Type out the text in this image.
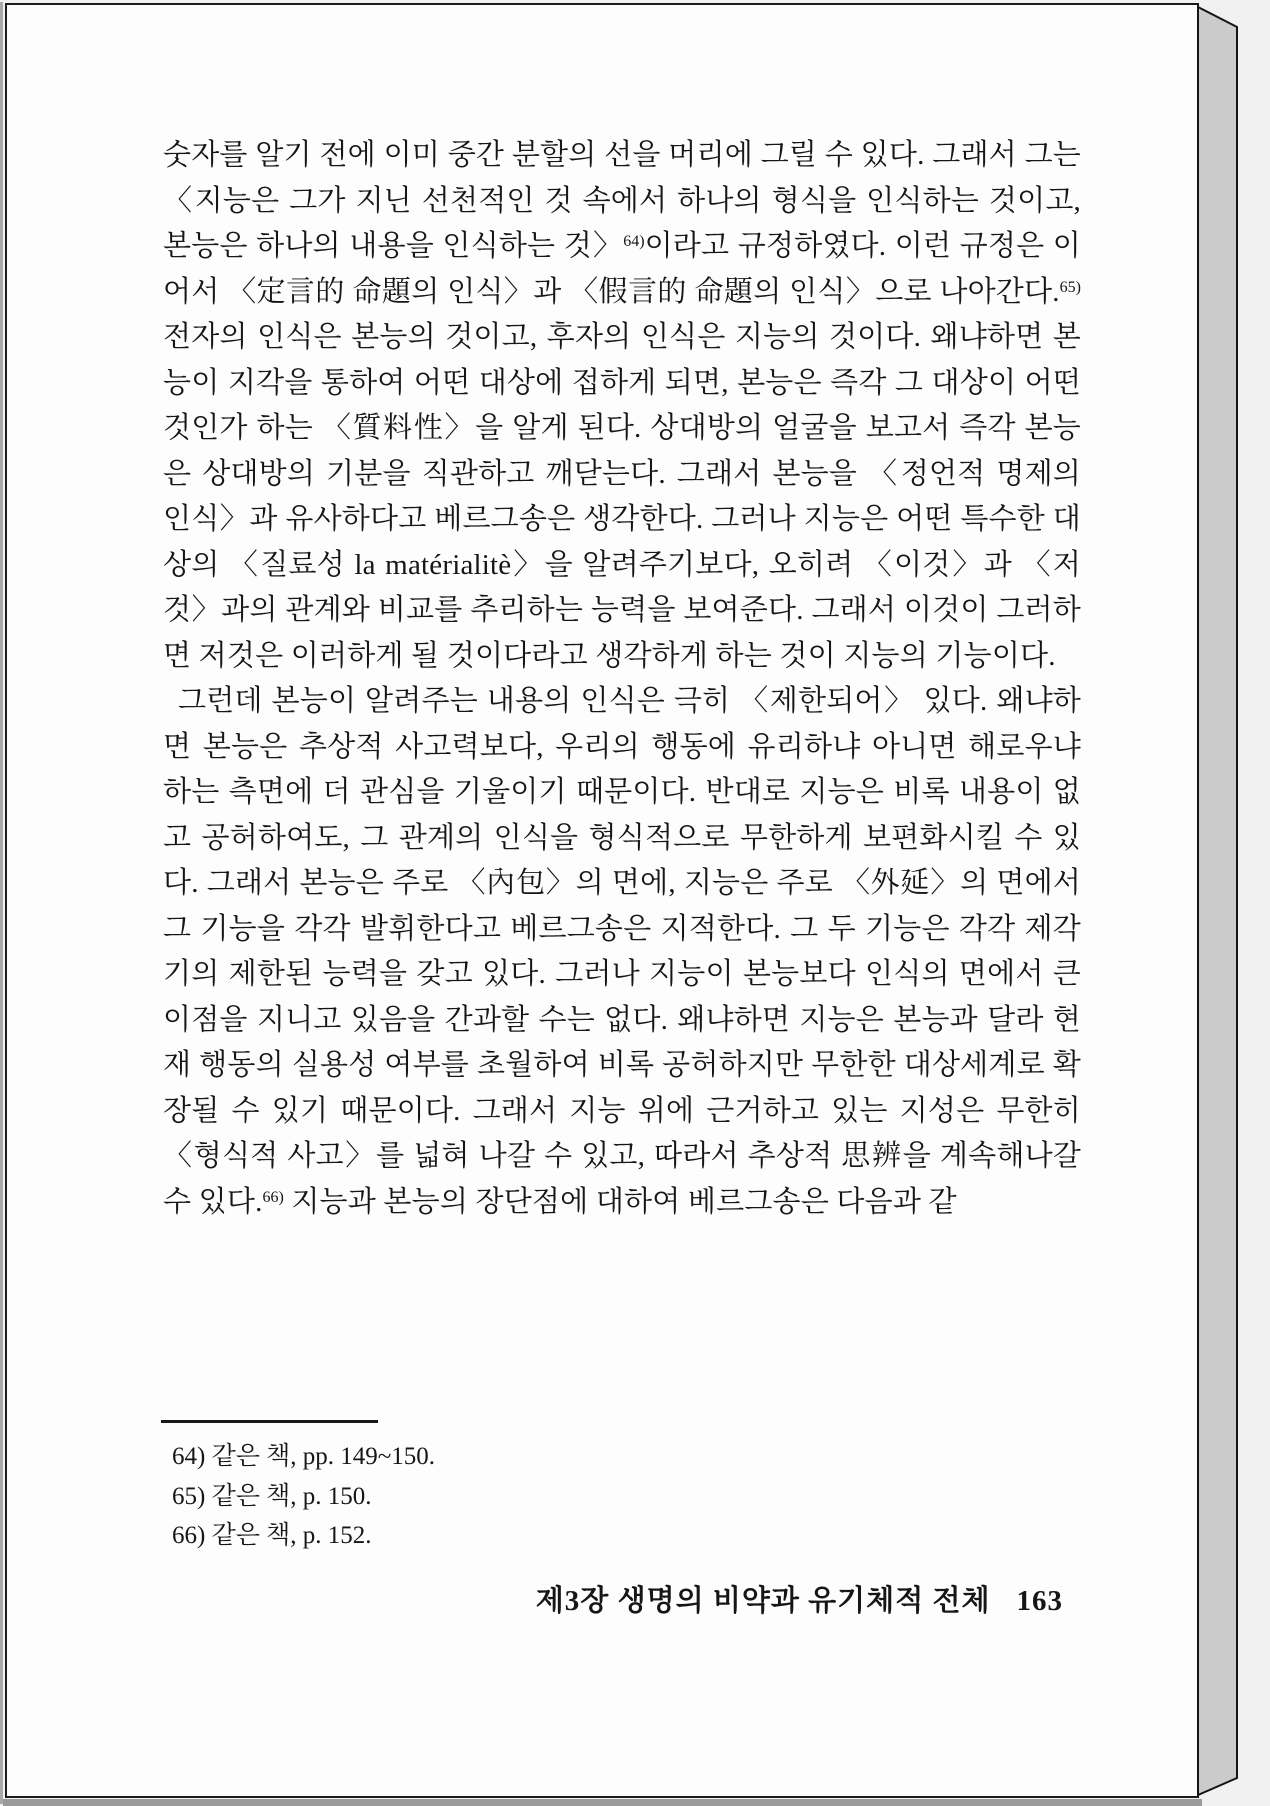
숫자를 알기 전에 이미 중간 분할의 선을 머리에 그릴 수 있다. 그래서 그는 〈지능은 그가 지닌 선천적인 것 속에서 하나의 형식을 인식하는 것이고, 본능은 하나의 내용을 인식하는 것〉$^{64)}$이라고 규정하였다. 이런 규정은 이어서 〈定言的 命題의 인식〉과 〈假言的 命題의 인식〉으로 나아간다.$^{65)}$ 전자의 인식은 본능의 것이고, 후자의 인식은 지능의 것이다. 왜냐하면 본능이 지각을 통하여 어떤 대상에 접하게 되면, 본능은 즉각 그 대상이 어떤 것인가 하는 〈質料性〉을 알게 된다. 상대방의 얼굴을 보고서 즉각 본능은 상대방의 기분을 직관하고 깨닫는다. 그래서 본능을 〈정언적 명제의 인식〉과 유사하다고 베르그송은 생각한다. 그러나 지능은 어떤 특수한 대상의 〈질료성 la matérialitè〉을 알려주기보다, 오히려 〈이것〉과 〈저것〉과의 관계와 비교를 추리하는 능력을 보여준다. 그래서 이것이 그러하면 저것은 이러하게 될 것이다라고 생각하게 하는 것이 지능의 기능이다.

그런데 본능이 알려주는 내용의 인식은 극히 〈제한되어〉 있다. 왜냐하면 본능은 추상적 사고력보다, 우리의 행동에 유리하냐 아니면 해로우냐 하는 측면에 더 관심을 기울이기 때문이다. 반대로 지능은 비록 내용이 없고 공허하여도, 그 관계의 인식을 형식적으로 무한하게 보편화시킬 수 있다. 그래서 본능은 주로 〈內包〉의 면에, 지능은 주로 〈外延〉의 면에서 그 기능을 각각 발휘한다고 베르그송은 지적한다. 그 두 기능은 각각 제각기의 제한된 능력을 갖고 있다. 그러나 지능이 본능보다 인식의 면에서 큰 이점을 지니고 있음을 간과할 수는 없다. 왜냐하면 지능은 본능과 달라 현재 행동의 실용성 여부를 초월하여 비록 공허하지만 무한한 대상세계로 확장될 수 있기 때문이다. 그래서 지능 위에 근거하고 있는 지성은 무한히 〈형식적 사고〉를 넓혀 나갈 수 있고, 따라서 추상적 思辨을 계속해나갈 수 있다.$^{66)}$ 지능과 본능의 장단점에 대하여 베르그송은 다음과 같

64) 같은 책, pp. 149~150.
65) 같은 책, p. 150.
66) 같은 책, p. 152.
제3장 생명의 비약과 유기체적 전체 163
